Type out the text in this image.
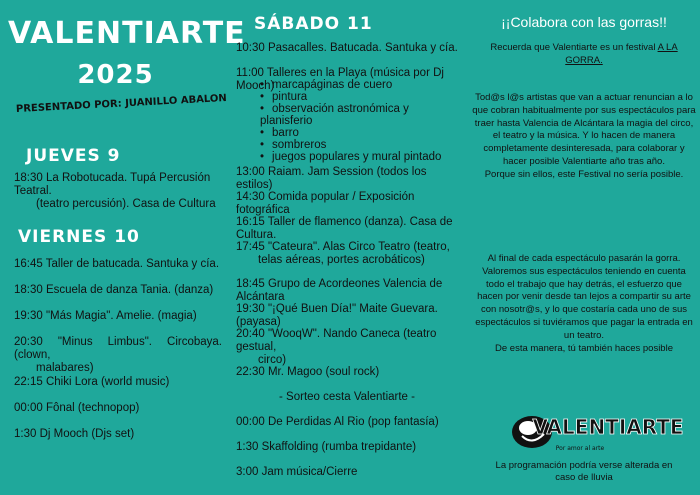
VALENTIARTE
2025
PRESENTADO POR: JUANILLO ABALON
JUEVES 9
18:30 La Robotucada. Tupá Percusión Teatral.
(teatro percusión). Casa de Cultura
VIERNES 10
16:45 Taller de batucada. Santuka y cía.
18:30 Escuela de danza Tania. (danza)
19:30 "Más Magia". Amelie. (magia)
20:30 "Minus Limbus". Circobaya. (clown,
malabares)
22:15 Chiki Lora (world music)
00:00 Fônal (technopop)
1:30 Dj Mooch (Djs set)
SÁBADO 11
10:30 Pasacalles. Batucada. Santuka y cía.
11:00 Talleres en la Playa (música por Dj Mooch)
• marcapáginas de cuero
• pintura
• observación astronómica y planisferio
• barro
• sombreros
• juegos populares y mural pintado
13:00 Raiam. Jam Session (todos los estilos)
14:30 Comida popular / Exposición fotográfica
16:15 Taller de flamenco (danza). Casa de Cultura.
17:45 "Cateura". Alas Circo Teatro (teatro,
telas aéreas, portes acrobáticos)
18:45 Grupo de Acordeones Valencia de Alcántara
19:30 "¡Qué Buen Día!" Maite Guevara. (payasa)
20:40 "WooqW". Nando Caneca (teatro gestual,
circo)
22:30 Mr. Magoo (soul rock)
- Sorteo cesta Valentiarte -
00:00 De Perdidas Al Rio (pop fantasía)
1:30 Skaffolding (rumba trepidante)
3:00 Jam música/Cierre
¡¡Colabora con las gorras!!

Recuerda que Valentiarte es un festival A LA GORRA.

Tod@s l@s artistas que van a actuar renuncian a lo que cobran habitualmente por sus espectáculos para traer hasta Valencia de Alcántara la magia del circo, el teatro y la música. Y lo hacen de manera completamente desinteresada, para colaborar y hacer posible Valentiarte año tras año.
Porque sin ellos, este Festival no sería posible.

Al final de cada espectáculo pasarán la gorra. Valoremos sus espectáculos teniendo en cuenta todo el trabajo que hay detrás, el esfuerzo que hacen por venir desde tan lejos a compartir su arte con nosotr@s, y lo que costaría cada uno de sus espectáculos si tuviéramos que pagar la entrada en un teatro.
De esta manera, tú también haces posible

VALENTIARTE
Por amor al arte

La programación podría verse alterada en caso de lluvia
